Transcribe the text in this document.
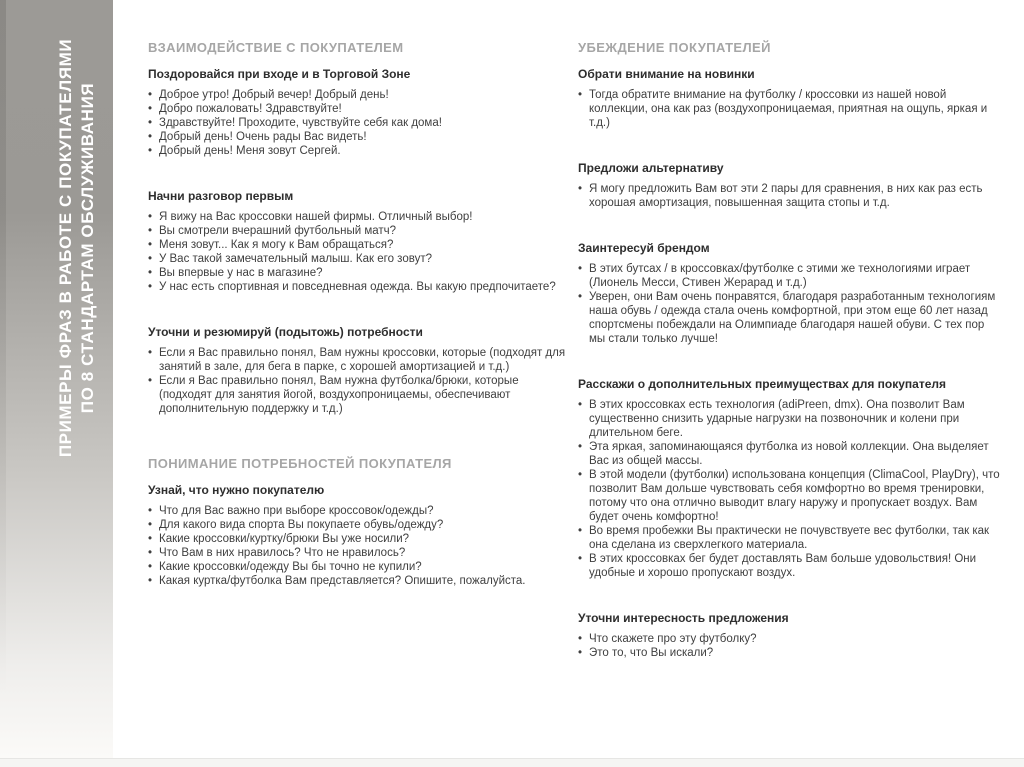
ПРИМЕРЫ ФРАЗ В РАБОТЕ С ПОКУПАТЕЛЯМИ ПО 8 СТАНДАРТАМ ОБСЛУЖИВАНИЯ
ВЗАИМОДЕЙСТВИЕ С ПОКУПАТЕЛЕМ
Поздоровайся при входе и в Торговой Зоне
• Доброе утро! Добрый вечер! Добрый день!
• Добро пожаловать! Здравствуйте!
• Здравствуйте! Проходите, чувствуйте себя как дома!
• Добрый день! Очень рады Вас видеть!
• Добрый день! Меня зовут Сергей.
Начни разговор первым
• Я вижу на Вас кроссовки нашей фирмы. Отличный выбор!
• Вы смотрели вчерашний футбольный матч?
• Меня зовут... Как я могу к Вам обращаться?
• У Вас такой замечательный малыш. Как его зовут?
• Вы впервые у нас в магазине?
• У нас есть спортивная и повседневная одежда. Вы какую предпочитаете?
Уточни и резюмируй (подытожь) потребности
• Если я Вас правильно понял, Вам нужны кроссовки, которые (подходят для занятий в зале, для бега в парке, с хорошей амортизацией и т.д.)
• Если я Вас правильно понял, Вам нужна футболка/брюки, которые (подходят для занятия йогой, воздухопроницаемы, обеспечивают дополнительную поддержку и т.д.)
ПОНИМАНИЕ ПОТРЕБНОСТЕЙ ПОКУПАТЕЛЯ
Узнай, что нужно покупателю
• Что для Вас важно при выборе кроссовок/одежды?
• Для какого вида спорта Вы покупаете обувь/одежду?
• Какие кроссовки/куртку/брюки Вы уже носили?
• Что Вам в них нравилось? Что не нравилось?
• Какие кроссовки/одежду Вы бы точно не купили?
• Какая куртка/футболка Вам представляется? Опишите, пожалуйста.
УБЕЖДЕНИЕ ПОКУПАТЕЛЕЙ
Обрати внимание на новинки
• Тогда обратите внимание на футболку / кроссовки из нашей новой коллекции, она как раз (воздухопроницаемая, приятная на ощупь, яркая и т.д.)
Предложи альтернативу
• Я могу предложить Вам вот эти 2 пары для сравнения, в них как раз есть хорошая амортизация, повышенная защита стопы и т.д.
Заинтересуй брендом
• В этих бутсах / в кроссовках/футболке с этими же технологиями играет (Лионель Месси, Стивен Жерарад и т.д.)
• Уверен, они Вам очень понравятся, благодаря разработанным технологиям наша обувь / одежда стала очень комфортной, при этом еще 60 лет назад спортсмены побеждали на Олимпиаде благодаря нашей обуви. С тех пор мы стали только лучше!
Расскажи о дополнительных преимуществах для покупателя
• В этих кроссовках есть технология (adiPreen, dmx). Она позволит Вам существенно снизить ударные нагрузки на позвоночник и колени при длительном беге.
• Эта яркая, запоминающаяся футболка из новой коллекции. Она выделяет Вас из общей массы.
• В этой модели (футболки) использована концепция (ClimaCool, PlayDry), что позволит Вам дольше чувствовать себя комфортно во время тренировки, потому что она отлично выводит влагу наружу и пропускает воздух. Вам будет очень комфортно!
• Во время пробежки Вы практически не почувствуете вес футболки, так как она сделана из сверхлегкого материала.
• В этих кроссовках бег будет доставлять Вам больше удовольствия! Они удобные и хорошо пропускают воздух.
Уточни интересность предложения
• Что скажете про эту футболку?
• Это то, что Вы искали?
